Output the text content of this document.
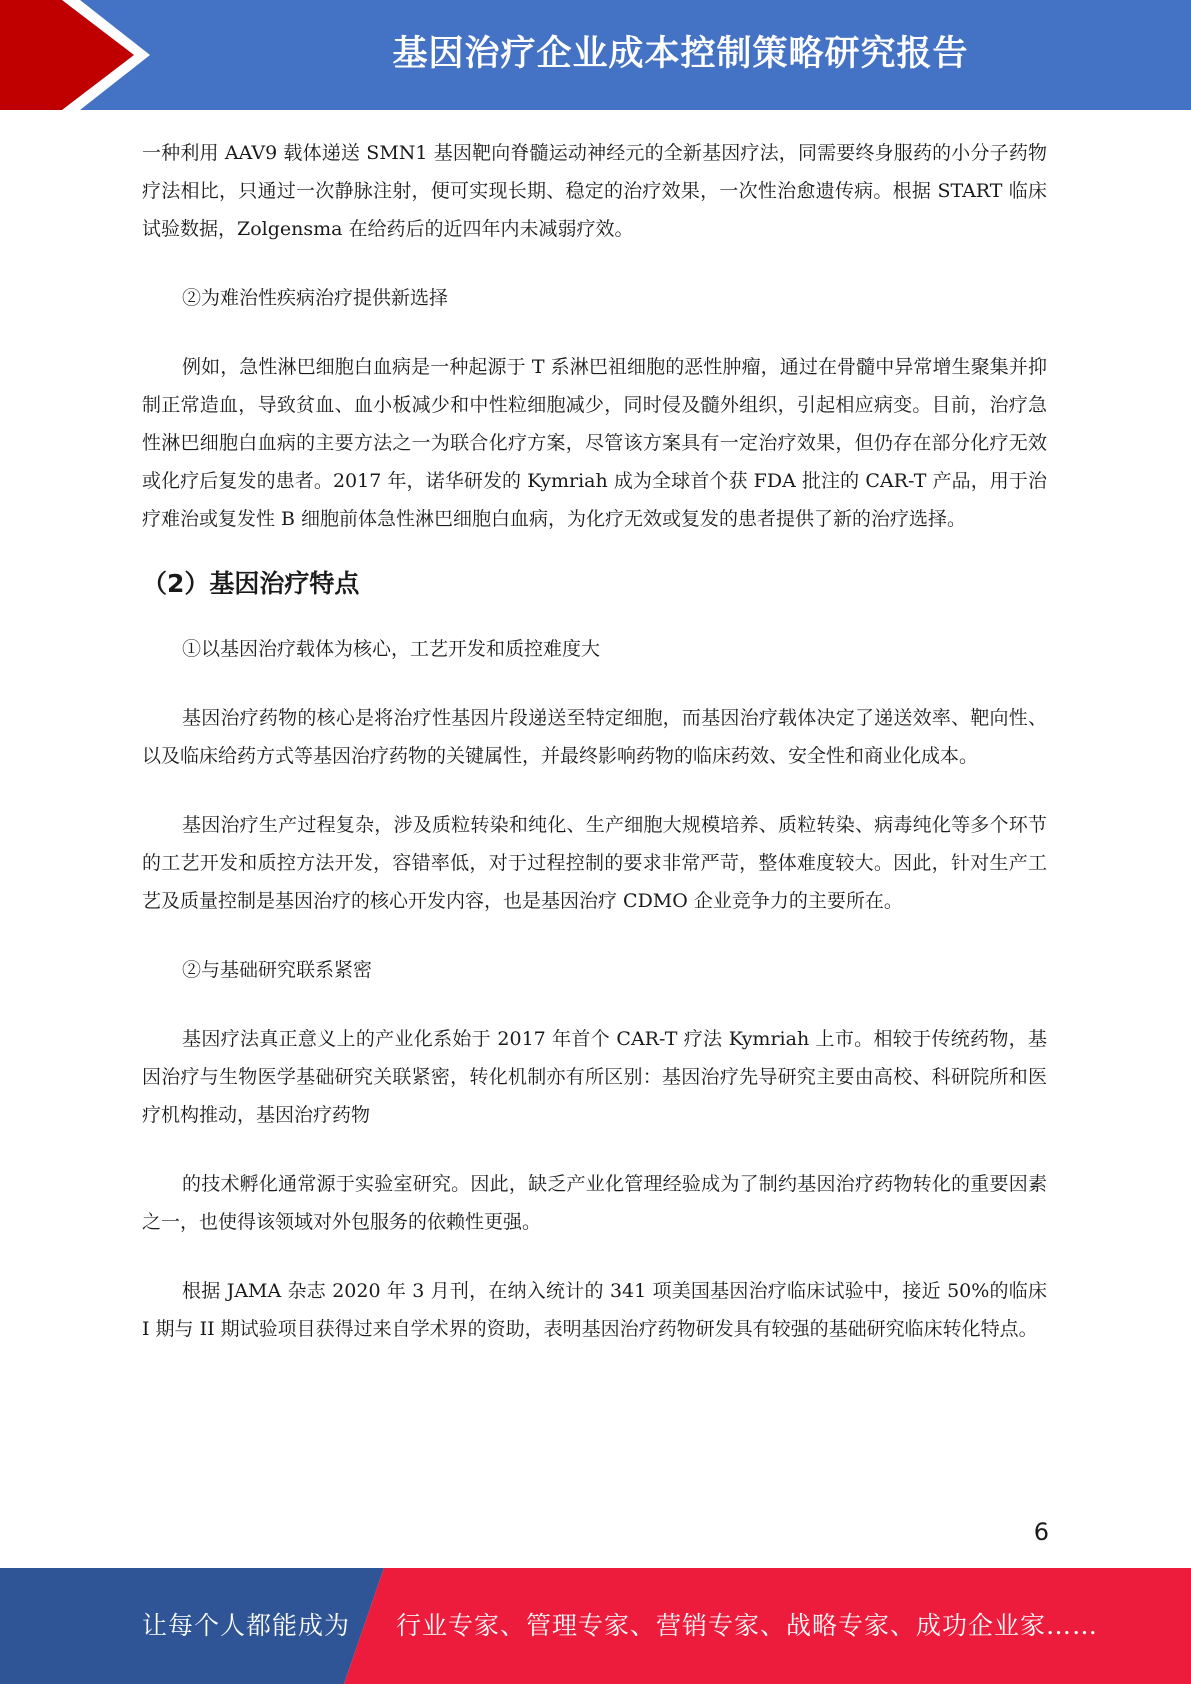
基因治疗企业成本控制策略研究报告

一种利用 AAV9 载体递送 SMN1 基因靶向脊髓运动神经元的全新基因疗法，同需要终身服药的小分子药物疗法相比，只通过一次静脉注射，便可实现长期、稳定的治疗效果，一次性治愈遗传病。根据 START 临床试验数据，Zolgensma 在给药后的近四年内未减弱疗效。

②为难治性疾病治疗提供新选择

例如，急性淋巴细胞白血病是一种起源于 T 系淋巴祖细胞的恶性肿瘤，通过在骨髓中异常增生聚集并抑制正常造血，导致贫血、血小板减少和中性粒细胞减少，同时侵及髓外组织，引起相应病变。目前，治疗急性淋巴细胞白血病的主要方法之一为联合化疗方案，尽管该方案具有一定治疗效果，但仍存在部分化疗无效或化疗后复发的患者。2017 年，诺华研发的 Kymriah 成为全球首个获 FDA 批注的 CAR-T 产品，用于治疗难治或复发性 B 细胞前体急性淋巴细胞白血病，为化疗无效或复发的患者提供了新的治疗选择。

（2）基因治疗特点

①以基因治疗载体为核心，工艺开发和质控难度大

基因治疗药物的核心是将治疗性基因片段递送至特定细胞，而基因治疗载体决定了递送效率、靶向性、以及临床给药方式等基因治疗药物的关键属性，并最终影响药物的临床药效、安全性和商业化成本。

基因治疗生产过程复杂，涉及质粒转染和纯化、生产细胞大规模培养、质粒转染、病毒纯化等多个环节的工艺开发和质控方法开发，容错率低，对于过程控制的要求非常严苛，整体难度较大。因此，针对生产工艺及质量控制是基因治疗的核心开发内容，也是基因治疗 CDMO 企业竞争力的主要所在。

②与基础研究联系紧密

基因疗法真正意义上的产业化系始于 2017 年首个 CAR-T 疗法 Kymriah 上市。相较于传统药物，基因治疗与生物医学基础研究关联紧密，转化机制亦有所区别：基因治疗先导研究主要由高校、科研院所和医疗机构推动，基因治疗药物

的技术孵化通常源于实验室研究。因此，缺乏产业化管理经验成为了制约基因治疗药物转化的重要因素之一，也使得该领域对外包服务的依赖性更强。

根据 JAMA 杂志 2020 年 3 月刊，在纳入统计的 341 项美国基因治疗临床试验中，接近 50%的临床 I 期与 II 期试验项目获得过来自学术界的资助，表明基因治疗药物研发具有较强的基础研究临床转化特点。

6
让每个人都能成为 行业专家、管理专家、营销专家、战略专家、成功企业家……
